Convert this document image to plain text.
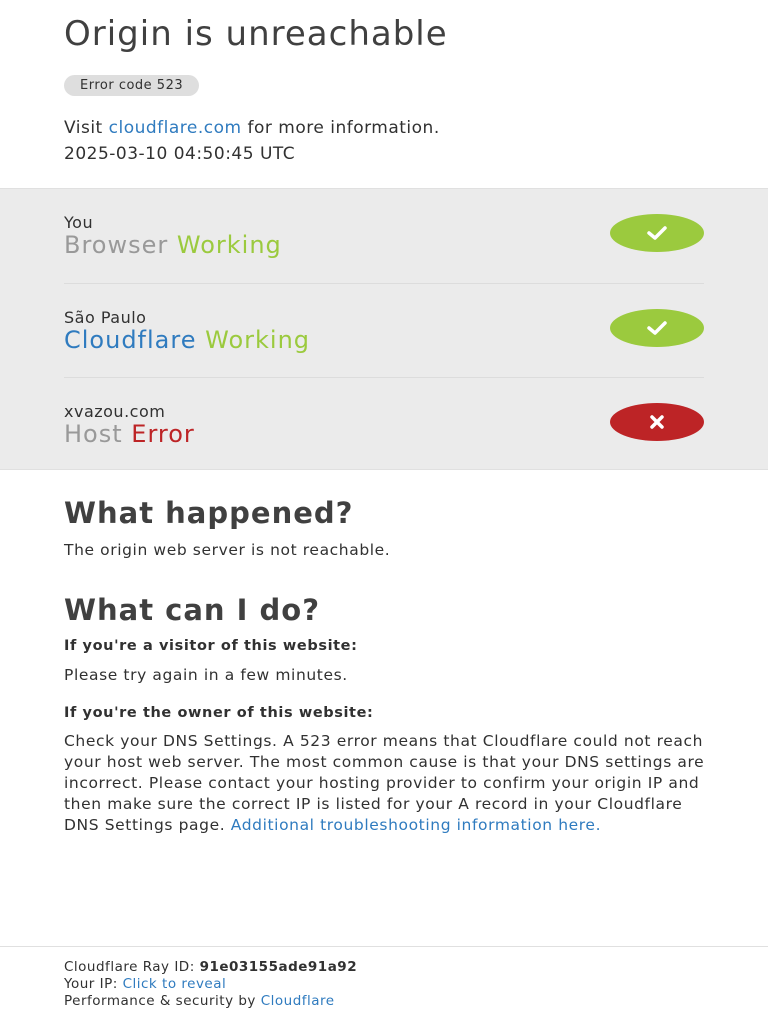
Origin is unreachable
Error code 523

Visit cloudflare.com for more information.

2025-03-10 04:50:45 UTC

You
Browser Working
São Paulo
Cloudflare Working
xvazou.com
Host Error
What happened?

The origin web server is not reachable.

What can I do?

If you're a visitor of this website:

Please try again in a few minutes.

If you're the owner of this website:

Check your DNS Settings. A 523 error means that Cloudflare could not reach your host web server. The most common cause is that your DNS settings are incorrect. Please contact your hosting provider to confirm your origin IP and then make sure the correct IP is listed for your A record in your Cloudflare DNS Settings page. Additional troubleshooting information here.

Cloudflare Ray ID: 91e03155ade91a92
Your IP: Click to reveal
Performance & security by Cloudflare
